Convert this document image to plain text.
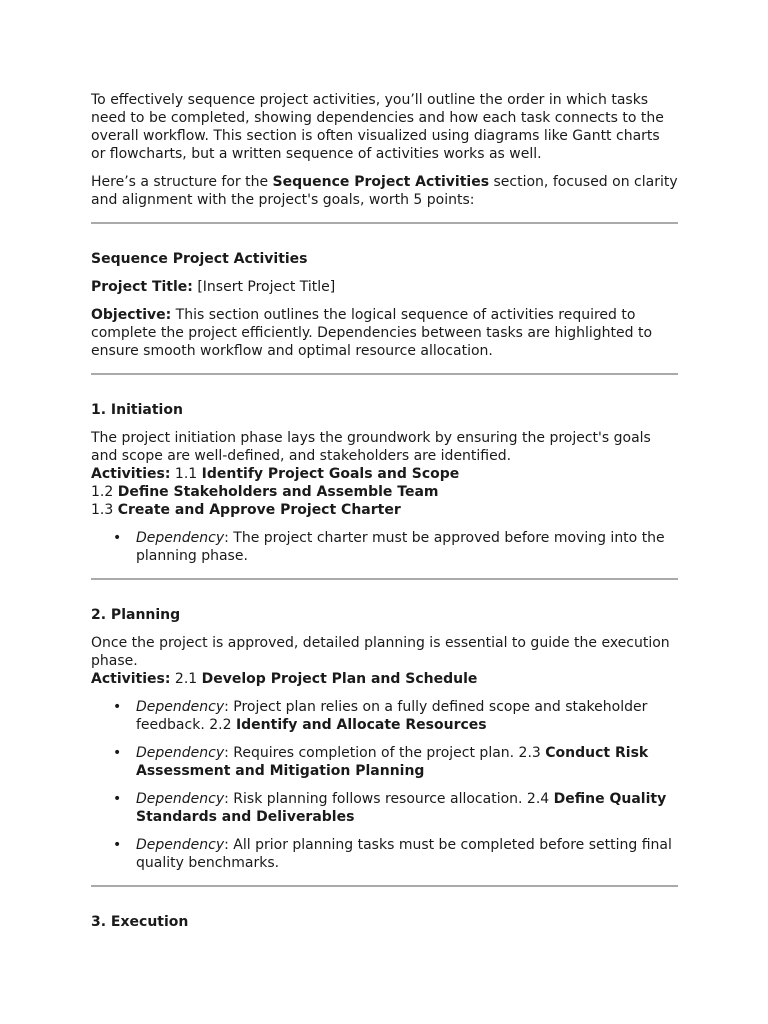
To effectively sequence project activities, you’ll outline the order in which tasks need to be completed, showing dependencies and how each task connects to the overall workflow. This section is often visualized using diagrams like Gantt charts or flowcharts, but a written sequence of activities works as well.

Here’s a structure for the Sequence Project Activities section, focused on clarity and alignment with the project's goals, worth 5 points:

Sequence Project Activities

Project Title: [Insert Project Title]

Objective: This section outlines the logical sequence of activities required to complete the project efficiently. Dependencies between tasks are highlighted to ensure smooth workflow and optimal resource allocation.

1. Initiation

The project initiation phase lays the groundwork by ensuring the project's goals and scope are well-defined, and stakeholders are identified.
Activities: 1.1 Identify Project Goals and Scope
1.2 Define Stakeholders and Assemble Team
1.3 Create and Approve Project Charter
• Dependency: The project charter must be approved before moving into the planning phase.

2. Planning

Once the project is approved, detailed planning is essential to guide the execution phase.
Activities: 2.1 Develop Project Plan and Schedule
• Dependency: Project plan relies on a fully defined scope and stakeholder feedback. 2.2 Identify and Allocate Resources
• Dependency: Requires completion of the project plan. 2.3 Conduct Risk Assessment and Mitigation Planning
• Dependency: Risk planning follows resource allocation. 2.4 Define Quality Standards and Deliverables
• Dependency: All prior planning tasks must be completed before setting final quality benchmarks.

3. Execution
